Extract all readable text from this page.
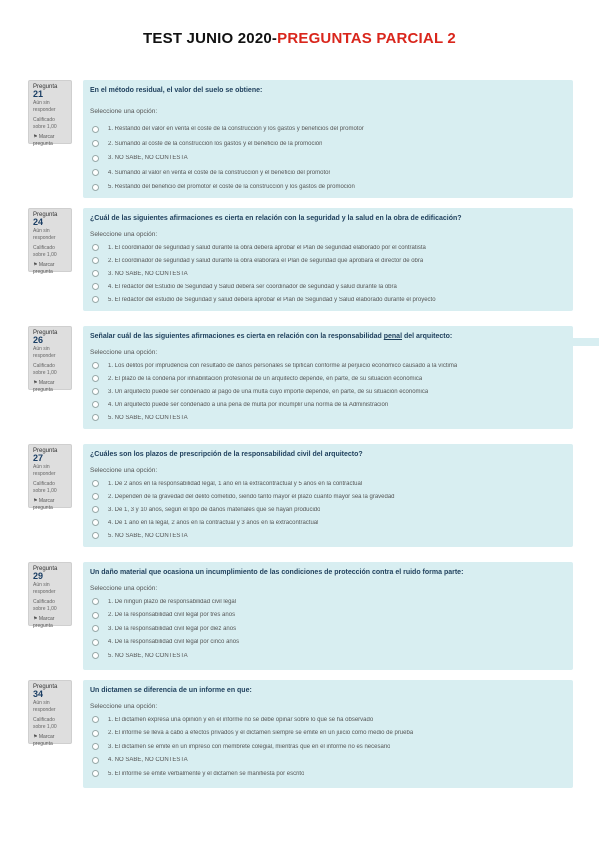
TEST JUNIO 2020-PREGUNTAS PARCIAL 2
Pregunta 21
Aún sin responder
Calificado sobre 1,00
⚑ Marcar pregunta
En el método residual, el valor del suelo se obtiene:
Seleccione una opción:
1. Restando del valor en venta el coste de la construcción y los gastos y beneficios del promotor
2. Sumando al coste de la construcción los gastos y el beneficio de la promoción
3. NO SABE, NO CONTESTA
4. Sumando al valor en venta el coste de la construcción y el beneficio del promotor
5. Restando del beneficio del promotor el coste de la construcción y los gastos de promoción
Pregunta 24
Aún sin responder
Calificado sobre 1,00
⚑ Marcar pregunta
¿Cuál de las siguientes afirmaciones es cierta en relación con la seguridad y la salud en la obra de edificación?
Seleccione una opción:
1. El coordinador de seguridad y salud durante la obra deberá aprobar el Plan de seguridad elaborado por el contratista
2. El coordinador de seguridad y salud durante la obra elaborará el Plan de seguridad que aprobará el director de obra
3. NO SABE, NO CONTESTA
4. El redactor del Estudio de Seguridad y Salud deberá ser coordinador de seguridad y salud durante la obra
5. El redactor del estudio de Seguridad y salud deberá aprobar el Plan de Seguridad y Salud elaborado durante el proyecto
Pregunta 26
Aún sin responder
Calificado sobre 1,00
⚑ Marcar pregunta
Señalar cuál de las siguientes afirmaciones es cierta en relación con la responsabilidad penal del arquitecto:
Seleccione una opción:
1. Los delitos por imprudencia con resultado de daños personales se tipifican conforme al perjuicio económico causado a la víctima
2. El plazo de la condena por inhabilitación profesional de un arquitecto depende, en parte, de su situación económica
3. Un arquitecto puede ser condenado al pago de una multa cuyo importe depende, en parte, de su situación económica
4. Un arquitecto puede ser condenado a una pena de multa por incumplir una norma de la Administración
5. NO SABE, NO CONTESTA
Pregunta 27
Aún sin responder
Calificado sobre 1,00
⚑ Marcar pregunta
¿Cuáles son los plazos de prescripción de la responsabilidad civil del arquitecto?
Seleccione una opción:
1. De 2 años en la responsabilidad legal, 1 año en la extracontractual y 5 años en la contractual
2. Dependen de la gravedad del delito cometido, siendo tanto mayor el plazo cuanto mayor sea la gravedad
3. De 1, 3 y 10 años, según el tipo de daños materiales que se hayan producido
4. De 1 año en la legal, 2 años en la contractual y 3 años en la extracontractual
5. NO SABE, NO CONTESTA
Pregunta 29
Aún sin responder
Calificado sobre 1,00
⚑ Marcar pregunta
Un daño material que ocasiona un incumplimiento de las condiciones de protección contra el ruido forma parte:
Seleccione una opción:
1. De ningún plazo de responsabilidad civil legal
2. De la responsabilidad civil legal por tres años
3. De la responsabilidad civil legal por diez años
4. De la responsabilidad civil legal por cinco años
5. NO SABE, NO CONTESTA
Pregunta 34
Aún sin responder
Calificado sobre 1,00
⚑ Marcar pregunta
Un dictamen se diferencia de un informe en que:
Seleccione una opción:
1. El dictamen expresa una opinión y en el informe no se debe opinar sobre lo que se ha observado
2. El informe se lleva a cabo a efectos privados y el dictamen siempre se emite en un juicio como medio de prueba
3. El dictamen se emite en un impreso con membrete colegial, mientras que en el informe no es necesario
4. NO SABE, NO CONTESTA
5. El informe se emite verbalmente y el dictamen se manifiesta por escrito
